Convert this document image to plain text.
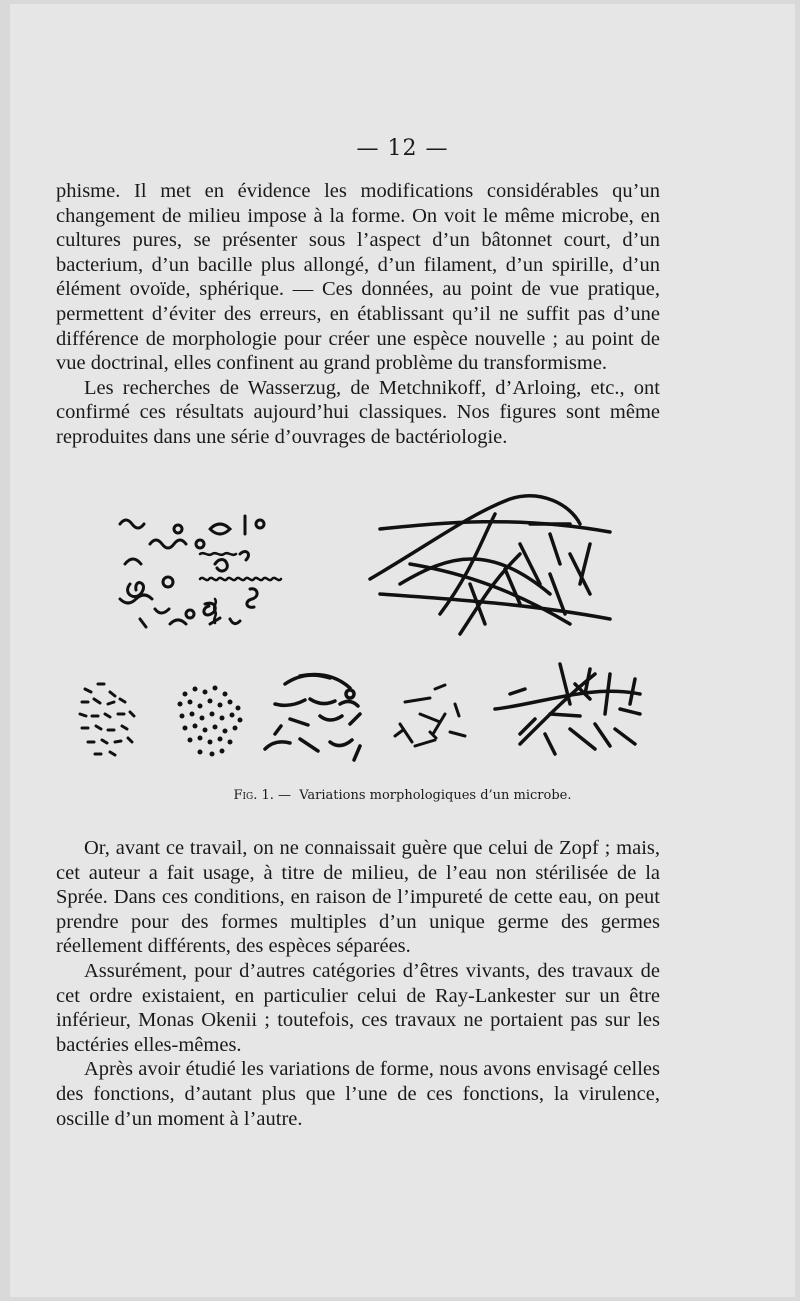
— 12 —

phisme. Il met en évidence les modifications considérables qu’un changement de milieu impose à la forme. On voit le même microbe, en cultures pures, se présenter sous l’aspect d’un bâtonnet court, d’un bacterium, d’un bacille plus allongé, d’un filament, d’un spirille, d’un élément ovoïde, sphérique. — Ces données, au point de vue pratique, permettent d’éviter des erreurs, en établissant qu’il ne suffit pas d’une différence de morphologie pour créer une espèce nouvelle ; au point de vue doctrinal, elles confinent au grand problème du transformisme.

Les recherches de Wasserzug, de Metchnikoff, d’Arloing, etc., ont confirmé ces résultats aujourd’hui classiques. Nos figures sont même reproduites dans une série d’ouvrages de bactériologie.

Fig. 1. — Variations morphologiques d’un microbe.

Or, avant ce travail, on ne connaissait guère que celui de Zopf ; mais, cet auteur a fait usage, à titre de milieu, de l’eau non stérilisée de la Sprée. Dans ces conditions, en raison de l’impureté de cette eau, on peut prendre pour des formes multiples d’un unique germe des germes réellement différents, des espèces séparées.

Assurément, pour d’autres catégories d’êtres vivants, des travaux de cet ordre existaient, en particulier celui de Ray-Lankester sur un être inférieur, Monas Okenii ; toutefois, ces travaux ne portaient pas sur les bactéries elles-mêmes.

Après avoir étudié les variations de forme, nous avons envisagé celles des fonctions, d’autant plus que l’une de ces fonctions, la virulence, oscille d’un moment à l’autre.
